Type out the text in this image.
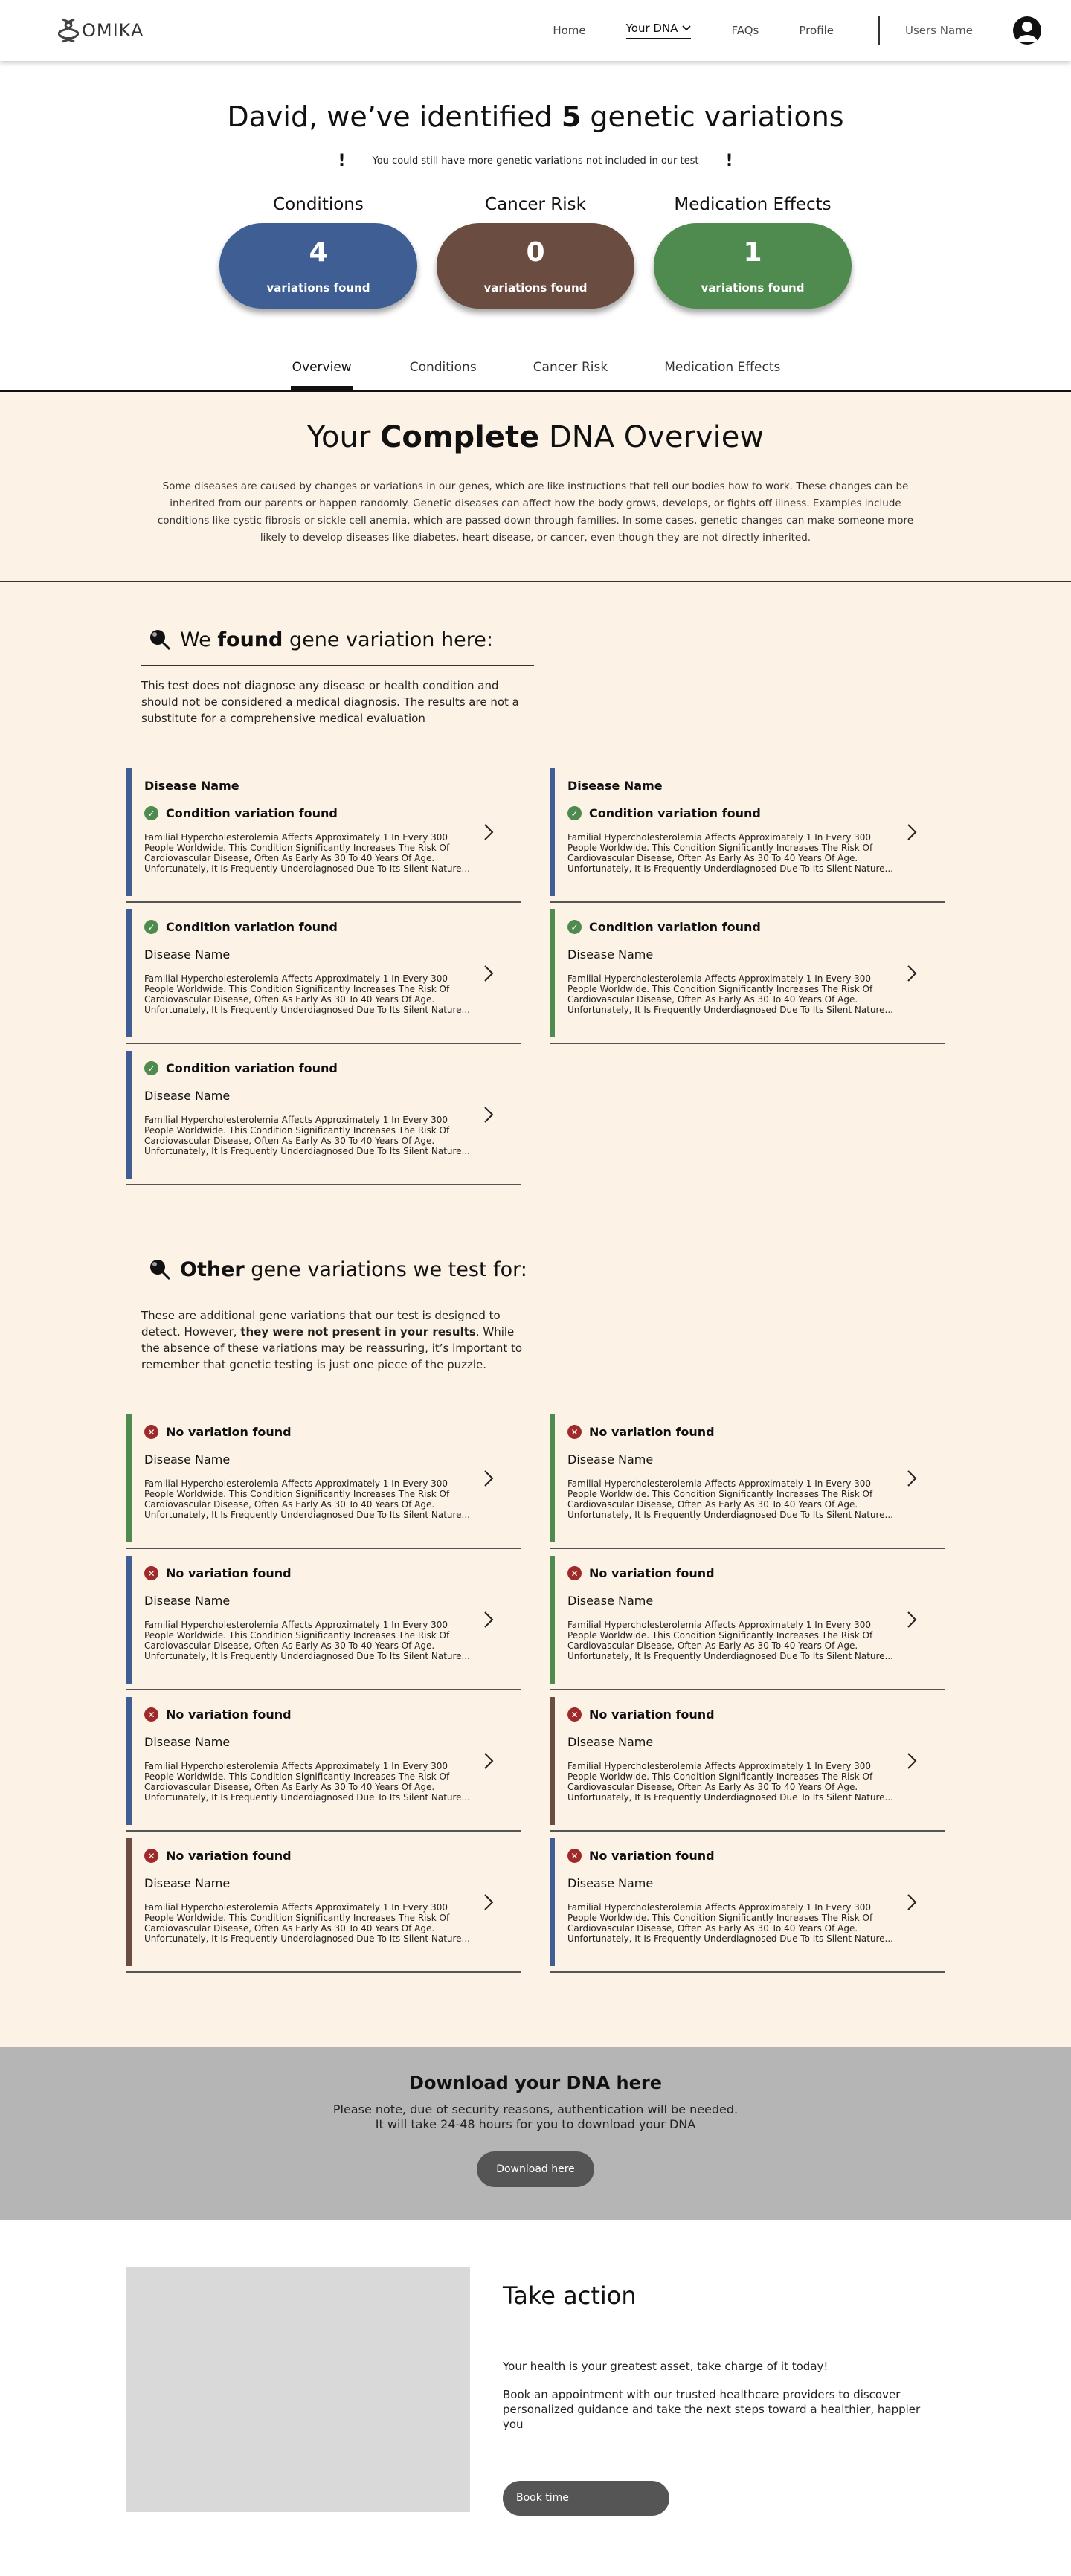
OMIKA	Home	Your DNA	FAQs	Profile	Users Name
David, we’ve identified 5 genetic variations
!	You could still have more genetic variations not included in our test !
Conditions
4
variations found
Cancer Risk
0
variations found
Medication Effects
1
variations found
Overview	Conditions	Cancer Risk	Medication Effects
Your Complete DNA Overview

Some diseases are caused by changes or variations in our genes, which are like instructions that tell our bodies how to work. These changes can be inherited from our parents or happen randomly. Genetic diseases can affect how the body grows, develops, or fights off illness. Examples include conditions like cystic fibrosis or sickle cell anemia, which are passed down through families. In some cases, genetic changes can make someone more likely to develop diseases like diabetes, heart disease, or cancer, even though they are not directly inherited.

We found gene variation here:
This test does not diagnose any disease or health condition and should not be considered a medical diagnosis. The results are not a substitute for a comprehensive medical evaluation
Disease Name
✓ Condition variation found
Familial Hypercholesterolemia Affects Approximately 1 In Every 300 People Worldwide. This Condition Significantly Increases The Risk Of Cardiovascular Disease, Often As Early As 30 To 40 Years Of Age. Unfortunately, It Is Frequently Underdiagnosed Due To Its Silent Nature...
Disease Name
✓ Condition variation found
Familial Hypercholesterolemia Affects Approximately 1 In Every 300 People Worldwide. This Condition Significantly Increases The Risk Of Cardiovascular Disease, Often As Early As 30 To 40 Years Of Age. Unfortunately, It Is Frequently Underdiagnosed Due To Its Silent Nature...
✓ Condition variation found
Disease Name
Familial Hypercholesterolemia Affects Approximately 1 In Every 300 People Worldwide. This Condition Significantly Increases The Risk Of Cardiovascular Disease, Often As Early As 30 To 40 Years Of Age. Unfortunately, It Is Frequently Underdiagnosed Due To Its Silent Nature...
✓ Condition variation found
Disease Name
Familial Hypercholesterolemia Affects Approximately 1 In Every 300 People Worldwide. This Condition Significantly Increases The Risk Of Cardiovascular Disease, Often As Early As 30 To 40 Years Of Age. Unfortunately, It Is Frequently Underdiagnosed Due To Its Silent Nature...
✓ Condition variation found
Disease Name
Familial Hypercholesterolemia Affects Approximately 1 In Every 300 People Worldwide. This Condition Significantly Increases The Risk Of Cardiovascular Disease, Often As Early As 30 To 40 Years Of Age. Unfortunately, It Is Frequently Underdiagnosed Due To Its Silent Nature...
Other gene variations we test for:
These are additional gene variations that our test is designed to detect. However, they were not present in your results. While the absence of these variations may be reassuring, it’s important to remember that genetic testing is just one piece of the puzzle.
✕ No variation found
Disease Name
Familial Hypercholesterolemia Affects Approximately 1 In Every 300 People Worldwide. This Condition Significantly Increases The Risk Of Cardiovascular Disease, Often As Early As 30 To 40 Years Of Age. Unfortunately, It Is Frequently Underdiagnosed Due To Its Silent Nature...
✕ No variation found
Disease Name
Familial Hypercholesterolemia Affects Approximately 1 In Every 300 People Worldwide. This Condition Significantly Increases The Risk Of Cardiovascular Disease, Often As Early As 30 To 40 Years Of Age. Unfortunately, It Is Frequently Underdiagnosed Due To Its Silent Nature...
✕ No variation found
Disease Name
Familial Hypercholesterolemia Affects Approximately 1 In Every 300 People Worldwide. This Condition Significantly Increases The Risk Of Cardiovascular Disease, Often As Early As 30 To 40 Years Of Age. Unfortunately, It Is Frequently Underdiagnosed Due To Its Silent Nature...
✕ No variation found
Disease Name
Familial Hypercholesterolemia Affects Approximately 1 In Every 300 People Worldwide. This Condition Significantly Increases The Risk Of Cardiovascular Disease, Often As Early As 30 To 40 Years Of Age. Unfortunately, It Is Frequently Underdiagnosed Due To Its Silent Nature...
✕ No variation found
Disease Name
Familial Hypercholesterolemia Affects Approximately 1 In Every 300 People Worldwide. This Condition Significantly Increases The Risk Of Cardiovascular Disease, Often As Early As 30 To 40 Years Of Age. Unfortunately, It Is Frequently Underdiagnosed Due To Its Silent Nature...
✕ No variation found
Disease Name
Familial Hypercholesterolemia Affects Approximately 1 In Every 300 People Worldwide. This Condition Significantly Increases The Risk Of Cardiovascular Disease, Often As Early As 30 To 40 Years Of Age. Unfortunately, It Is Frequently Underdiagnosed Due To Its Silent Nature...
✕ No variation found
Disease Name
Familial Hypercholesterolemia Affects Approximately 1 In Every 300 People Worldwide. This Condition Significantly Increases The Risk Of Cardiovascular Disease, Often As Early As 30 To 40 Years Of Age. Unfortunately, It Is Frequently Underdiagnosed Due To Its Silent Nature...
✕ No variation found
Disease Name
Familial Hypercholesterolemia Affects Approximately 1 In Every 300 People Worldwide. This Condition Significantly Increases The Risk Of Cardiovascular Disease, Often As Early As 30 To 40 Years Of Age. Unfortunately, It Is Frequently Underdiagnosed Due To Its Silent Nature...
Download your DNA here

Please note, due ot security reasons, authentication will be needed.
It will take 24-48 hours for you to download your DNA

Download here
Take action

Your health is your greatest asset, take charge of it today!

Book an appointment with our trusted healthcare providers to discover personalized guidance and take the next steps toward a healthier, happier you

Book time
